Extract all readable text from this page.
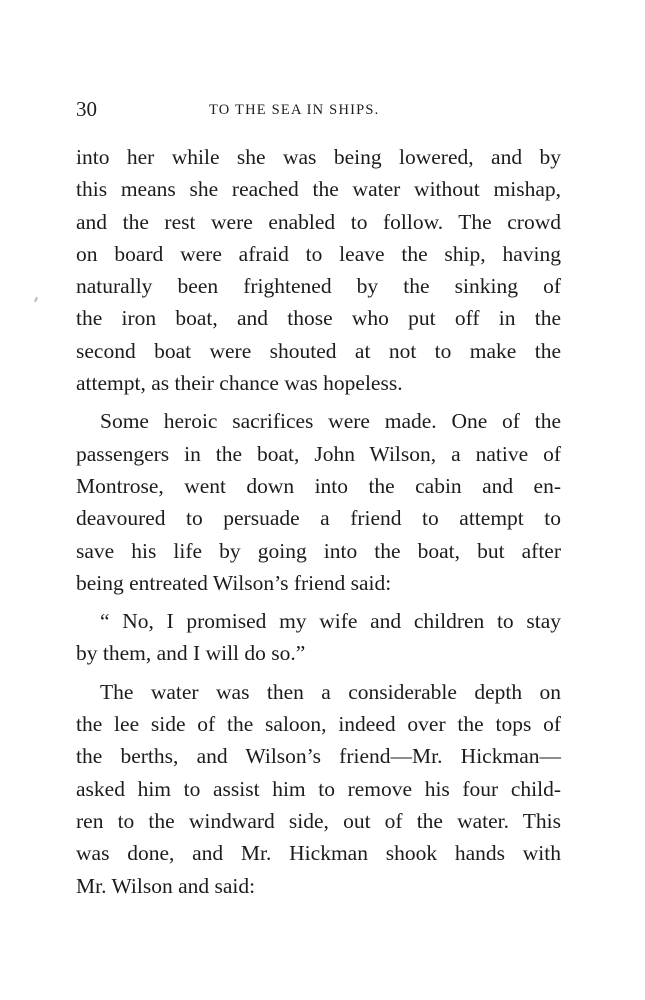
30	TO THE SEA IN SHIPS.

into her while she was being lowered, and by
this means she reached the water without mishap,
and the rest were enabled to follow. The crowd
on board were afraid to leave the ship, having
naturally been frightened by the sinking of
the iron boat, and those who put off in the
second boat were shouted at not to make the
attempt, as their chance was hopeless.

Some heroic sacrifices were made. One of the
passengers in the boat, John Wilson, a native of
Montrose, went down into the cabin and en-
deavoured to persuade a friend to attempt to
save his life by going into the boat, but after
being entreated Wilson’s friend said:

“ No, I promised my wife and children to stay
by them, and I will do so.”

The water was then a considerable depth on
the lee side of the saloon, indeed over the tops of
the berths, and Wilson’s friend—Mr. Hickman—
asked him to assist him to remove his four child-
ren to the windward side, out of the water. This
was done, and Mr. Hickman shook hands with
Mr. Wilson and said:
